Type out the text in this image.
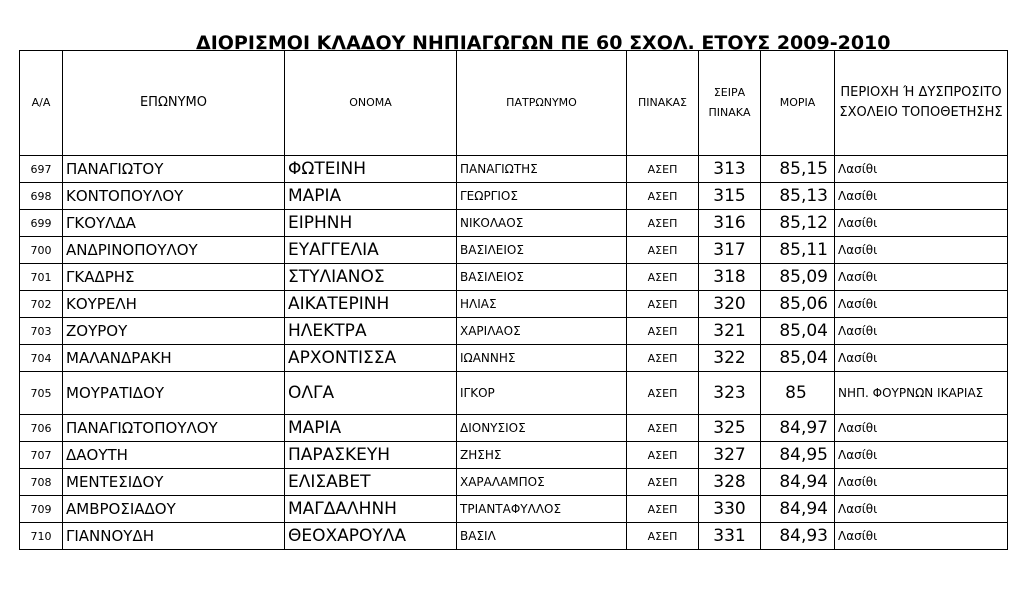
ΔΙΟΡΙΣΜΟΙ ΚΛΑΔΟΥ ΝΗΠΙΑΓΩΓΩΝ ΠΕ 60 ΣΧΟΛ. ΕΤΟΥΣ 2009-2010
Α/Α	ΕΠΩΝΥΜΟ	ΟΝΟΜΑ	ΠΑΤΡΩΝΥΜΟ	ΠΙΝΑΚΑΣ	ΣΕΙΡΑ ΠΙΝΑΚΑ	ΜΟΡΙΑ	ΠΕΡΙΟΧΗ Ή ΔΥΣΠΡΟΣΙΤΟ ΣΧΟΛΕΙΟ ΤΟΠΟΘΕΤΗΣΗΣ
697	ΠΑΝΑΓΙΩΤΟΥ	ΦΩΤΕΙΝΗ	ΠΑΝΑΓΙΩΤΗΣ	ΑΣΕΠ	313	85,15	Λασίθι
698	ΚΟΝΤΟΠΟΥΛΟΥ	ΜΑΡΙΑ	ΓΕΩΡΓΙΟΣ	ΑΣΕΠ	315	85,13	Λασίθι
699	ΓΚΟΥΛΔΑ	ΕΙΡΗΝΗ	ΝΙΚΟΛΑΟΣ	ΑΣΕΠ	316	85,12	Λασίθι
700	ΑΝΔΡΙΝΟΠΟΥΛΟΥ	ΕΥΑΓΓΕΛΙΑ	ΒΑΣΙΛΕΙΟΣ	ΑΣΕΠ	317	85,11	Λασίθι
701	ΓΚΑΔΡΗΣ	ΣΤΥΛΙΑΝΟΣ	ΒΑΣΙΛΕΙΟΣ	ΑΣΕΠ	318	85,09	Λασίθι
702	ΚΟΥΡΕΛΗ	ΑΙΚΑΤΕΡΙΝΗ	ΗΛΙΑΣ	ΑΣΕΠ	320	85,06	Λασίθι
703	ΖΟΥΡΟΥ	ΗΛΕΚΤΡΑ	ΧΑΡΙΛΑΟΣ	ΑΣΕΠ	321	85,04	Λασίθι
704	ΜΑΛΑΝΔΡΑΚΗ	ΑΡΧΟΝΤΙΣΣΑ	ΙΩΑΝΝΗΣ	ΑΣΕΠ	322	85,04	Λασίθι
705	ΜΟΥΡΑΤΙΔΟΥ	ΟΛΓΑ	ΙΓΚΟΡ	ΑΣΕΠ	323	85	ΝΗΠ. ΦΟΥΡΝΩΝ ΙΚΑΡΙΑΣ
706	ΠΑΝΑΓΙΩΤΟΠΟΥΛΟΥ	ΜΑΡΙΑ	ΔΙΟΝΥΣΙΟΣ	ΑΣΕΠ	325	84,97	Λασίθι
707	ΔΑΟΥΤΗ	ΠΑΡΑΣΚΕΥΗ	ΖΗΣΗΣ	ΑΣΕΠ	327	84,95	Λασίθι
708	ΜΕΝΤΕΣΙΔΟΥ	ΕΛΙΣΑΒΕΤ	ΧΑΡΑΛΑΜΠΟΣ	ΑΣΕΠ	328	84,94	Λασίθι
709	ΑΜΒΡΟΣΙΑΔΟΥ	ΜΑΓΔΑΛΗΝΗ	ΤΡΙΑΝΤΑΦΥΛΛΟΣ	ΑΣΕΠ	330	84,94	Λασίθι
710	ΓΙΑΝΝΟΥΔΗ	ΘΕΟΧΑΡΟΥΛΑ	ΒΑΣΙΛ	ΑΣΕΠ	331	84,93	Λασίθι
